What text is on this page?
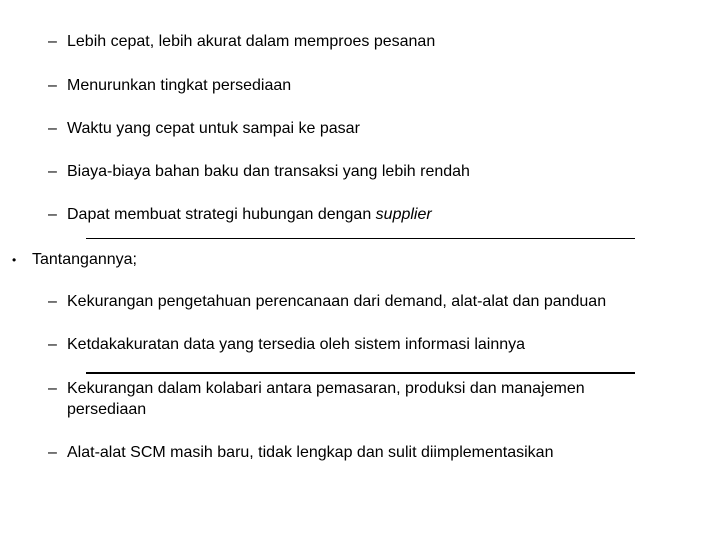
– Lebih cepat, lebih akurat dalam memproes pesanan
– Menurunkan tingkat persediaan
– Waktu yang cepat untuk sampai ke pasar
– Biaya-biaya bahan baku dan transaksi yang lebih rendah
– Dapat membuat strategi hubungan dengan supplier
• Tantangannya;
– Kekurangan pengetahuan perencanaan dari demand, alat-alat dan panduan
– Ketdakakuratan data yang tersedia oleh sistem informasi lainnya
– Kekurangan dalam kolabari antara pemasaran, produksi dan manajemen
persediaan
– Alat-alat SCM masih baru, tidak lengkap dan sulit diimplementasikan
